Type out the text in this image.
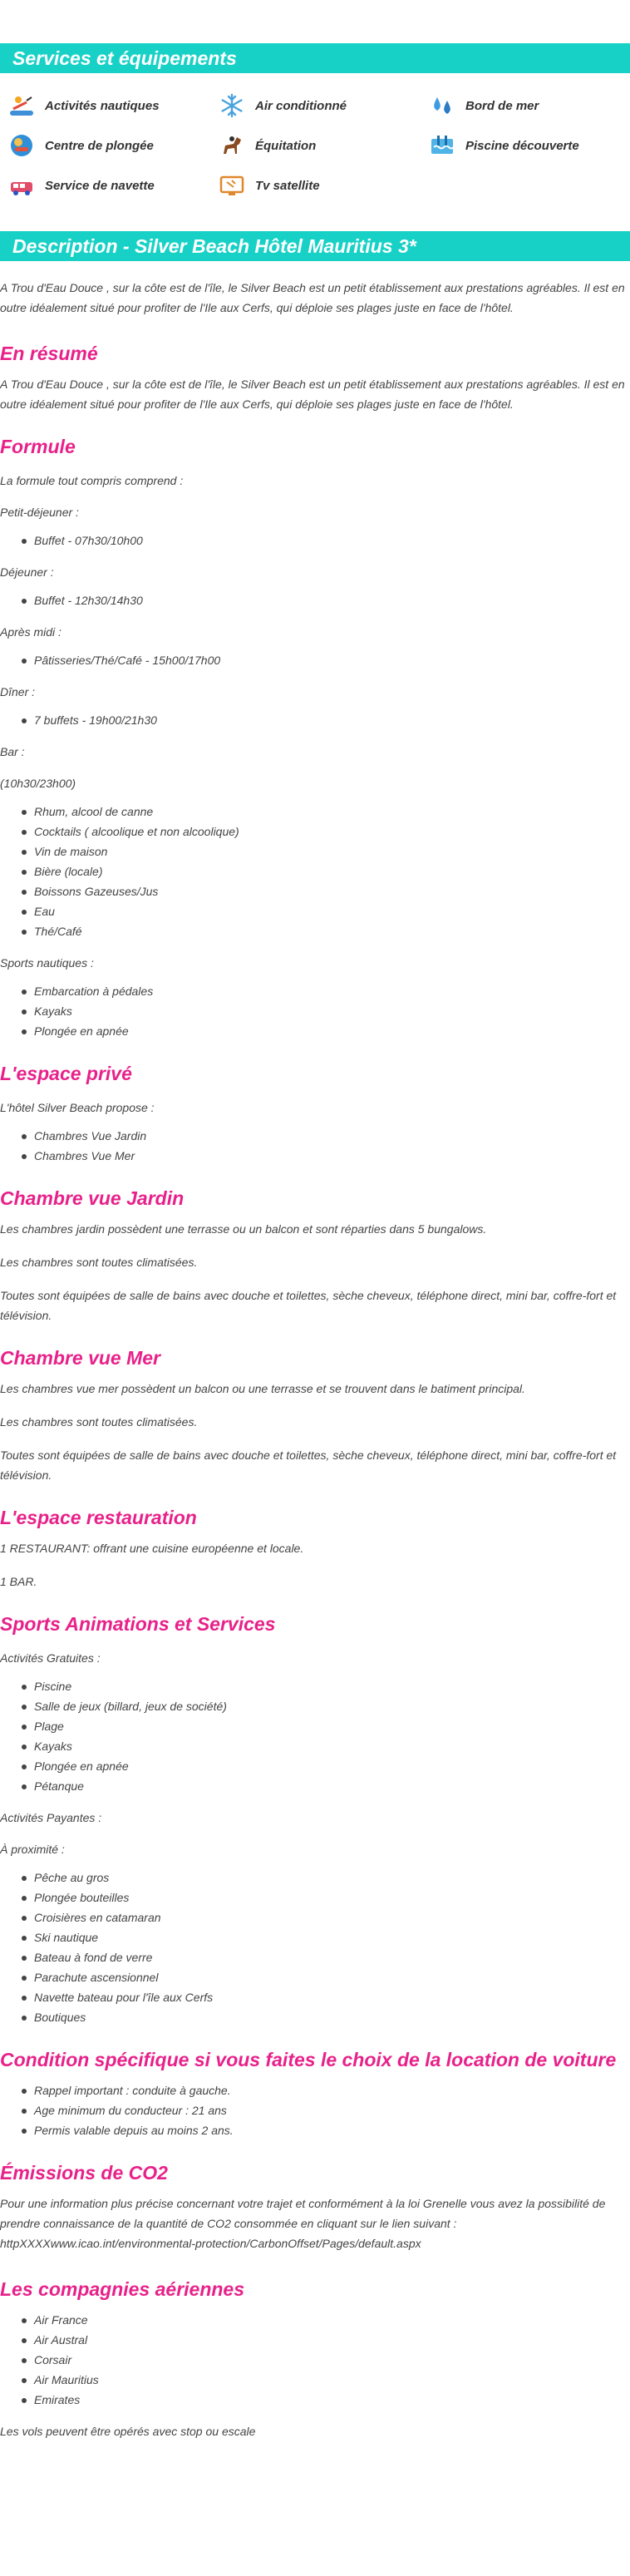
Services et équipements
Activités nautiques	Air conditionné	Bord de mer
Centre de plongée	Équitation	Piscine découverte
Service de navette	Tv satellite
Description - Silver Beach Hôtel Mauritius 3*

A Trou d'Eau Douce , sur la côte est de l'île, le Silver Beach est un petit établissement aux prestations agréables. Il est en outre idéalement situé pour profiter de l'Ile aux Cerfs, qui déploie ses plages juste en face de l'hôtel.

En résumé

A Trou d'Eau Douce , sur la côte est de l'île, le Silver Beach est un petit établissement aux prestations agréables. Il est en outre idéalement situé pour profiter de l'Ile aux Cerfs, qui déploie ses plages juste en face de l'hôtel.

Formule

La formule tout compris comprend :

Petit-déjeuner :

Buffet - 07h30/10h00

Déjeuner :

Buffet - 12h30/14h30

Après midi :

Pâtisseries/Thé/Café - 15h00/17h00

Dîner :

7 buffets - 19h00/21h30

Bar :

(10h30/23h00)

Rhum, alcool de canne
Cocktails ( alcoolique et non alcoolique)
Vin de maison
Bière (locale)
Boissons Gazeuses/Jus
Eau
Thé/Café

Sports nautiques :

Embarcation à pédales
Kayaks
Plongée en apnée
L'espace privé

L'hôtel Silver Beach propose :

Chambres Vue Jardin
Chambres Vue Mer
Chambre vue Jardin

Les chambres jardin possèdent une terrasse ou un balcon et sont réparties dans 5 bungalows.

Les chambres sont toutes climatisées.

Toutes sont équipées de salle de bains avec douche et toilettes, sèche cheveux, téléphone direct, mini bar, coffre-fort et télévision.

Chambre vue Mer

Les chambres vue mer possèdent un balcon ou une terrasse et se trouvent dans le batiment principal.

Les chambres sont toutes climatisées.

Toutes sont équipées de salle de bains avec douche et toilettes, sèche cheveux, téléphone direct, mini bar, coffre-fort et télévision.

L'espace restauration

1 RESTAURANT: offrant une cuisine européenne et locale.

1 BAR.

Sports Animations et Services

Activités Gratuites :

Piscine
Salle de jeux (billard, jeux de société)
Plage
Kayaks
Plongée en apnée
Pétanque

Activités Payantes :

À proximité :

Pêche au gros
Plongée bouteilles
Croisières en catamaran
Ski nautique
Bateau à fond de verre
Parachute ascensionnel
Navette bateau pour l'île aux Cerfs
Boutiques
Condition spécifique si vous faites le choix de la location de voiture
Rappel important : conduite à gauche.
Age minimum du conducteur : 21 ans
Permis valable depuis au moins 2 ans.
Émissions de CO2

Pour une information plus précise concernant votre trajet et conformément à la loi Grenelle vous avez la possibilité de prendre connaissance de la quantité de CO2 consommée en cliquant sur le lien suivant : httpXXXXwww.icao.int/environmental-protection/CarbonOffset/Pages/default.aspx

Les compagnies aériennes
Air France
Air Austral
Corsair
Air Mauritius
Emirates

Les vols peuvent être opérés avec stop ou escale
